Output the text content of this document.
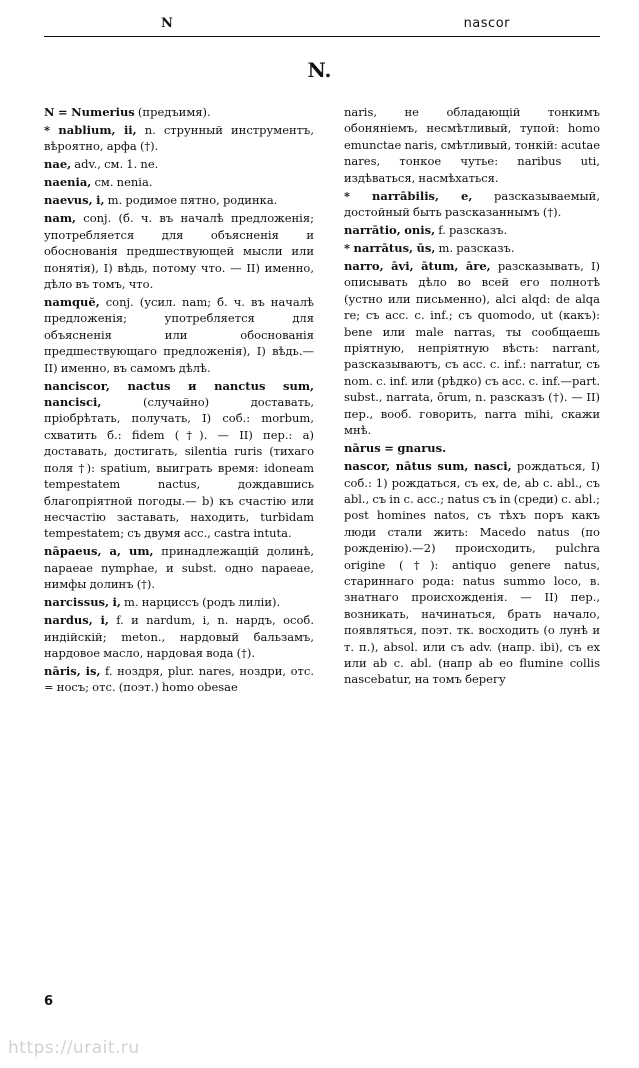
N	nascor
N.

N = Numerius (предъимя).

* nablium, ii, n. струнный инструментъ, вѣроятно, арфа (†).

nae, adv., см. 1. ne.

naenia, см. nenia.

naevus, i, m. родимое пятно, родинка.

nam, conj. (б. ч. въ началѣ предложенія; употребляется для объясненія и обоснованія предшествующей мысли или понятія), I) вѣдь, потому что. — II) именно, дѣло въ томъ, что.

namquĕ, conj. (усил. nam; б. ч. въ началѣ предложенія; употребляется для объясненія или обоснованія предшествующаго предложенія), I) вѣдь.—II) именно, въ самомъ дѣлѣ.

nanciscor, nactus и nanctus sum, nancisci, (случайно) доставать, пріобрѣтать, получать, I) соб.: morbum, схватить б.: fidem (†). — II) пер.: а) доставать, достигать, silentia ruris (тихаго поля †): spatium, выиграть время: idoneam tempestatem nactus, дождавшись благопріятной погоды.— b) къ счастію или несчастію заставать, находить, turbidam tempestatem; съ двумя acc., castra intuta.

nāpaeus, a, um, принадлежащій долинѣ, napaeae nymphae, и subst. одно napaeae, нимфы долинъ (†).

narcissus, i, m. нарциссъ (родъ лиліи).

nardus, i, f. и nardum, i, n. нардъ, особ. индійскій; meton., нардовый бальзамъ, нардовое масло, нардовая вода (†).

nāris, is, f. ноздря, plur. nares, ноздри, отс. = носъ; отс. (поэт.) homo obesae

naris, не обладающій тонкимъ обоняніемъ, несмѣтливый, тупой: homo emunctae naris, смѣтливый, тонкій: acutae nares, тонкое чутье: naribus uti, издѣваться, насмѣхаться.

* narrābilis, e, разсказываемый, достойный быть разсказаннымъ (†).

narrātio, onis, f. разсказъ.

* narrātus, ūs, m. разсказъ.

narro, āvi, ātum, āre, разсказывать, I) описывать дѣло во всей его полнотѣ (устно или письменно), alci alqd: de alqa re; съ acc. c. inf.; съ quomodo, ut (какъ): bene или male narras, ты сообщаешь пріятную, непріятную вѣсть: narrant, разсказываютъ, съ acc. c. inf.: narratur, съ nom. c. inf. или (рѣдко) съ acc. c. inf.—part. subst., narrata, ōrum, n. разсказъ (†). — II) пер., вооб. говорить, narra mihi, скажи мнѣ.

nārus = gnarus.

nascor, nātus sum, nasci, рождаться, I) соб.: 1) рождаться, съ ex, de, ab c. abl., съ abl., съ in c. acc.; natus съ in (среди) c. abl.; post homines natos, съ тѣхъ поръ какъ люди стали жить: Macedo natus (по рожденію).—2) происходить, pulchra origine (†): antiquo genere natus, стариннаго рода: natus summo loco, в. знатнаго происхожденія. — II) пер., возникать, начинаться, брать начало, появляться, поэт. тк. восходить (о лунѣ и т. п.), absol. или съ adv. (напр. ibi), съ ex или ab c. abl. (напр ab eo flumine collis nascebatur, на томъ берегу

6
https://urait.ru
